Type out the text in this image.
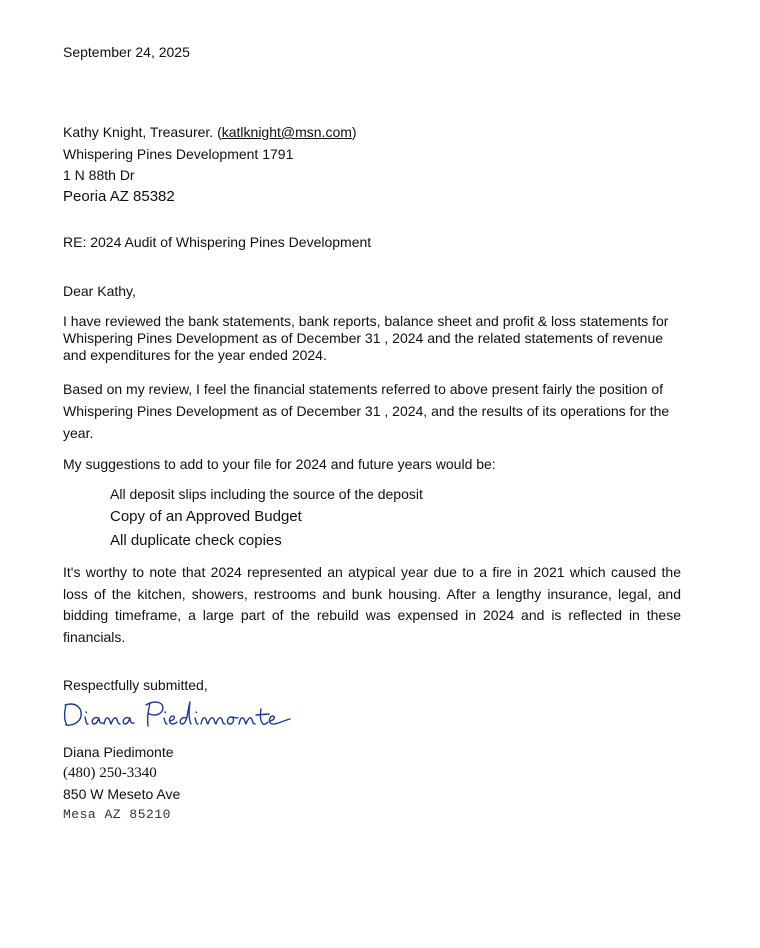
September 24, 2025

Kathy Knight, Treasurer. (katlknight@msn.com)

Whispering Pines Development 1791

1 N 88th Dr

Peoria AZ 85382

RE: 2024 Audit of Whispering Pines Development

Dear Kathy,

I have reviewed the bank statements, bank reports, balance sheet and profit & loss statements for Whispering Pines Development as of December 31 , 2024 and the related statements of revenue and expenditures for the year ended 2024.

Based on my review, I feel the financial statements referred to above present fairly the position of Whispering Pines Development as of December 31 , 2024, and the results of its operations for the year.

My suggestions to add to your file for 2024 and future years would be:

All deposit slips including the source of the deposit
Copy of an Approved Budget
All duplicate check copies

It's worthy to note that 2024 represented an atypical year due to a fire in 2021 which caused the loss of the kitchen, showers, restrooms and bunk housing. After a lengthy insurance, legal, and bidding timeframe, a large part of the rebuild was expensed in 2024 and is reflected in these financials.

Respectfully submitted,

Diana Piedimonte

(480) 250-3340

850 W Meseto Ave

Mesa AZ 85210
